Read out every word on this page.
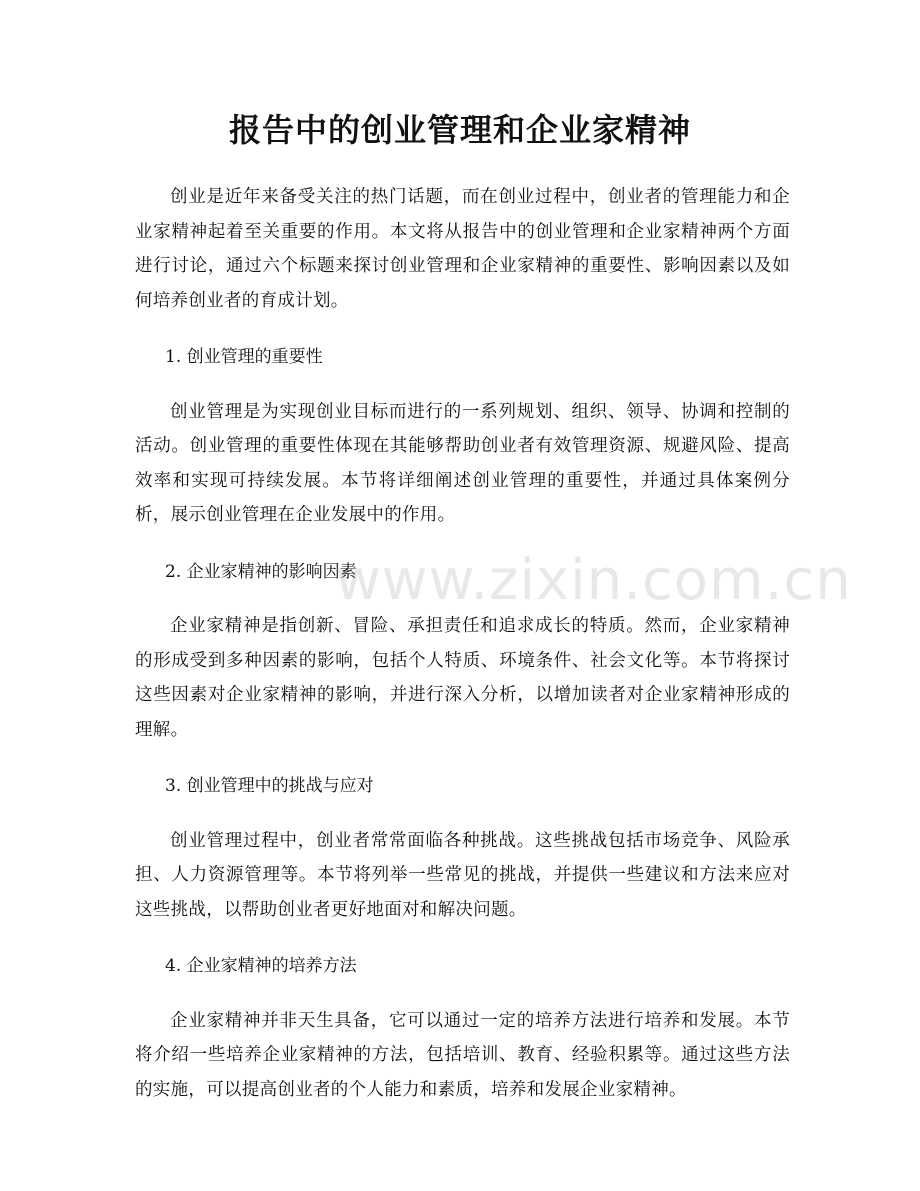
报告中的创业管理和企业家精神

创业是近年来备受关注的热门话题，而在创业过程中，创业者的管理能力和企业家精神起着至关重要的作用。本文将从报告中的创业管理和企业家精神两个方面进行讨论，通过六个标题来探讨创业管理和企业家精神的重要性、影响因素以及如何培养创业者的育成计划。

1. 创业管理的重要性

创业管理是为实现创业目标而进行的一系列规划、组织、领导、协调和控制的活动。创业管理的重要性体现在其能够帮助创业者有效管理资源、规避风险、提高效率和实现可持续发展。本节将详细阐述创业管理的重要性，并通过具体案例分析，展示创业管理在企业发展中的作用。

2. 企业家精神的影响因素

企业家精神是指创新、冒险、承担责任和追求成长的特质。然而，企业家精神的形成受到多种因素的影响，包括个人特质、环境条件、社会文化等。本节将探讨这些因素对企业家精神的影响，并进行深入分析，以增加读者对企业家精神形成的理解。

3. 创业管理中的挑战与应对

创业管理过程中，创业者常常面临各种挑战。这些挑战包括市场竞争、风险承担、人力资源管理等。本节将列举一些常见的挑战，并提供一些建议和方法来应对这些挑战，以帮助创业者更好地面对和解决问题。

4. 企业家精神的培养方法

企业家精神并非天生具备，它可以通过一定的培养方法进行培养和发展。本节将介绍一些培养企业家精神的方法，包括培训、教育、经验积累等。通过这些方法的实施，可以提高创业者的个人能力和素质，培养和发展企业家精神。

www.zixin.com.cn
